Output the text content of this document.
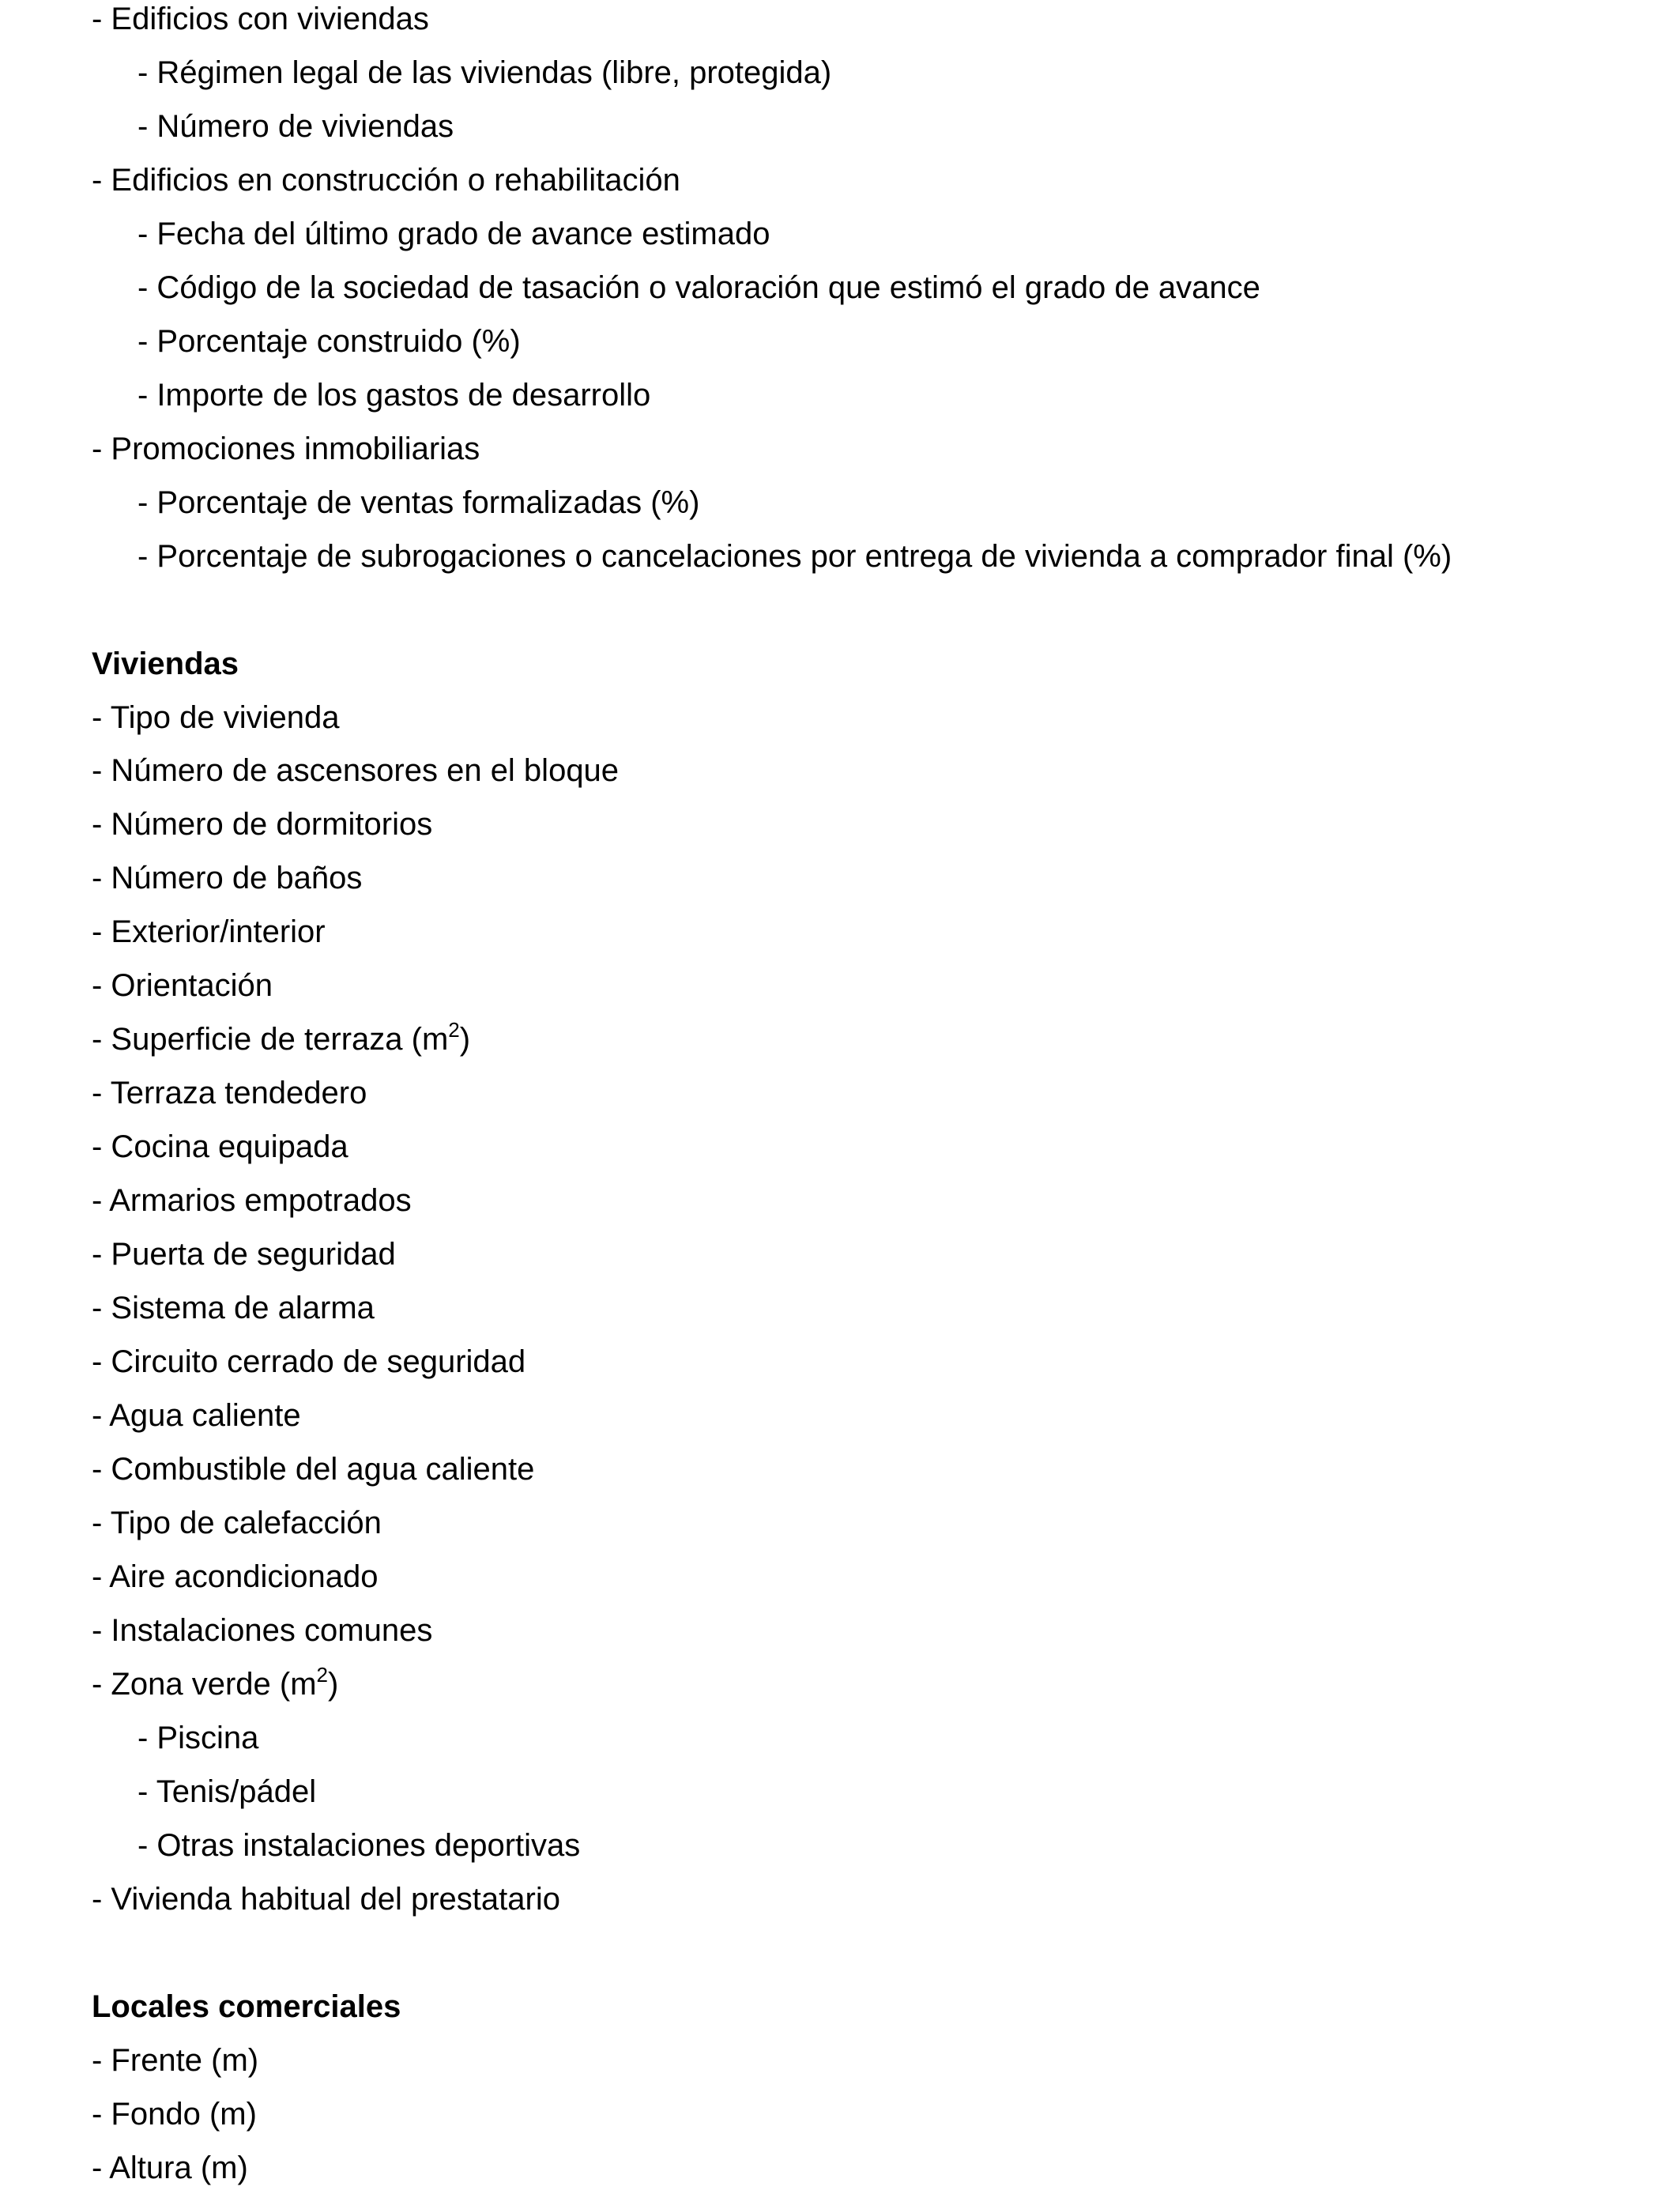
- Edificios con viviendas
- Régimen legal de las viviendas (libre, protegida)
- Número de viviendas
- Edificios en construcción o rehabilitación
- Fecha del último grado de avance estimado
- Código de la sociedad de tasación o valoración que estimó el grado de avance
- Porcentaje construido (%)
- Importe de los gastos de desarrollo
- Promociones inmobiliarias
- Porcentaje de ventas formalizadas (%)
- Porcentaje de subrogaciones o cancelaciones por entrega de vivienda a comprador final (%)
Viviendas
- Tipo de vivienda
- Número de ascensores en el bloque
- Número de dormitorios
- Número de baños
- Exterior/interior
- Orientación
- Superficie de terraza $(m^2)$
- Terraza tendedero
- Cocina equipada
- Armarios empotrados
- Puerta de seguridad
- Sistema de alarma
- Circuito cerrado de seguridad
- Agua caliente
- Combustible del agua caliente
- Tipo de calefacción
- Aire acondicionado
- Instalaciones comunes
- Zona verde $(m^2)$
- Piscina
- Tenis/pádel
- Otras instalaciones deportivas
- Vivienda habitual del prestatario
Locales comerciales
- Frente (m)
- Fondo (m)
- Altura (m)
